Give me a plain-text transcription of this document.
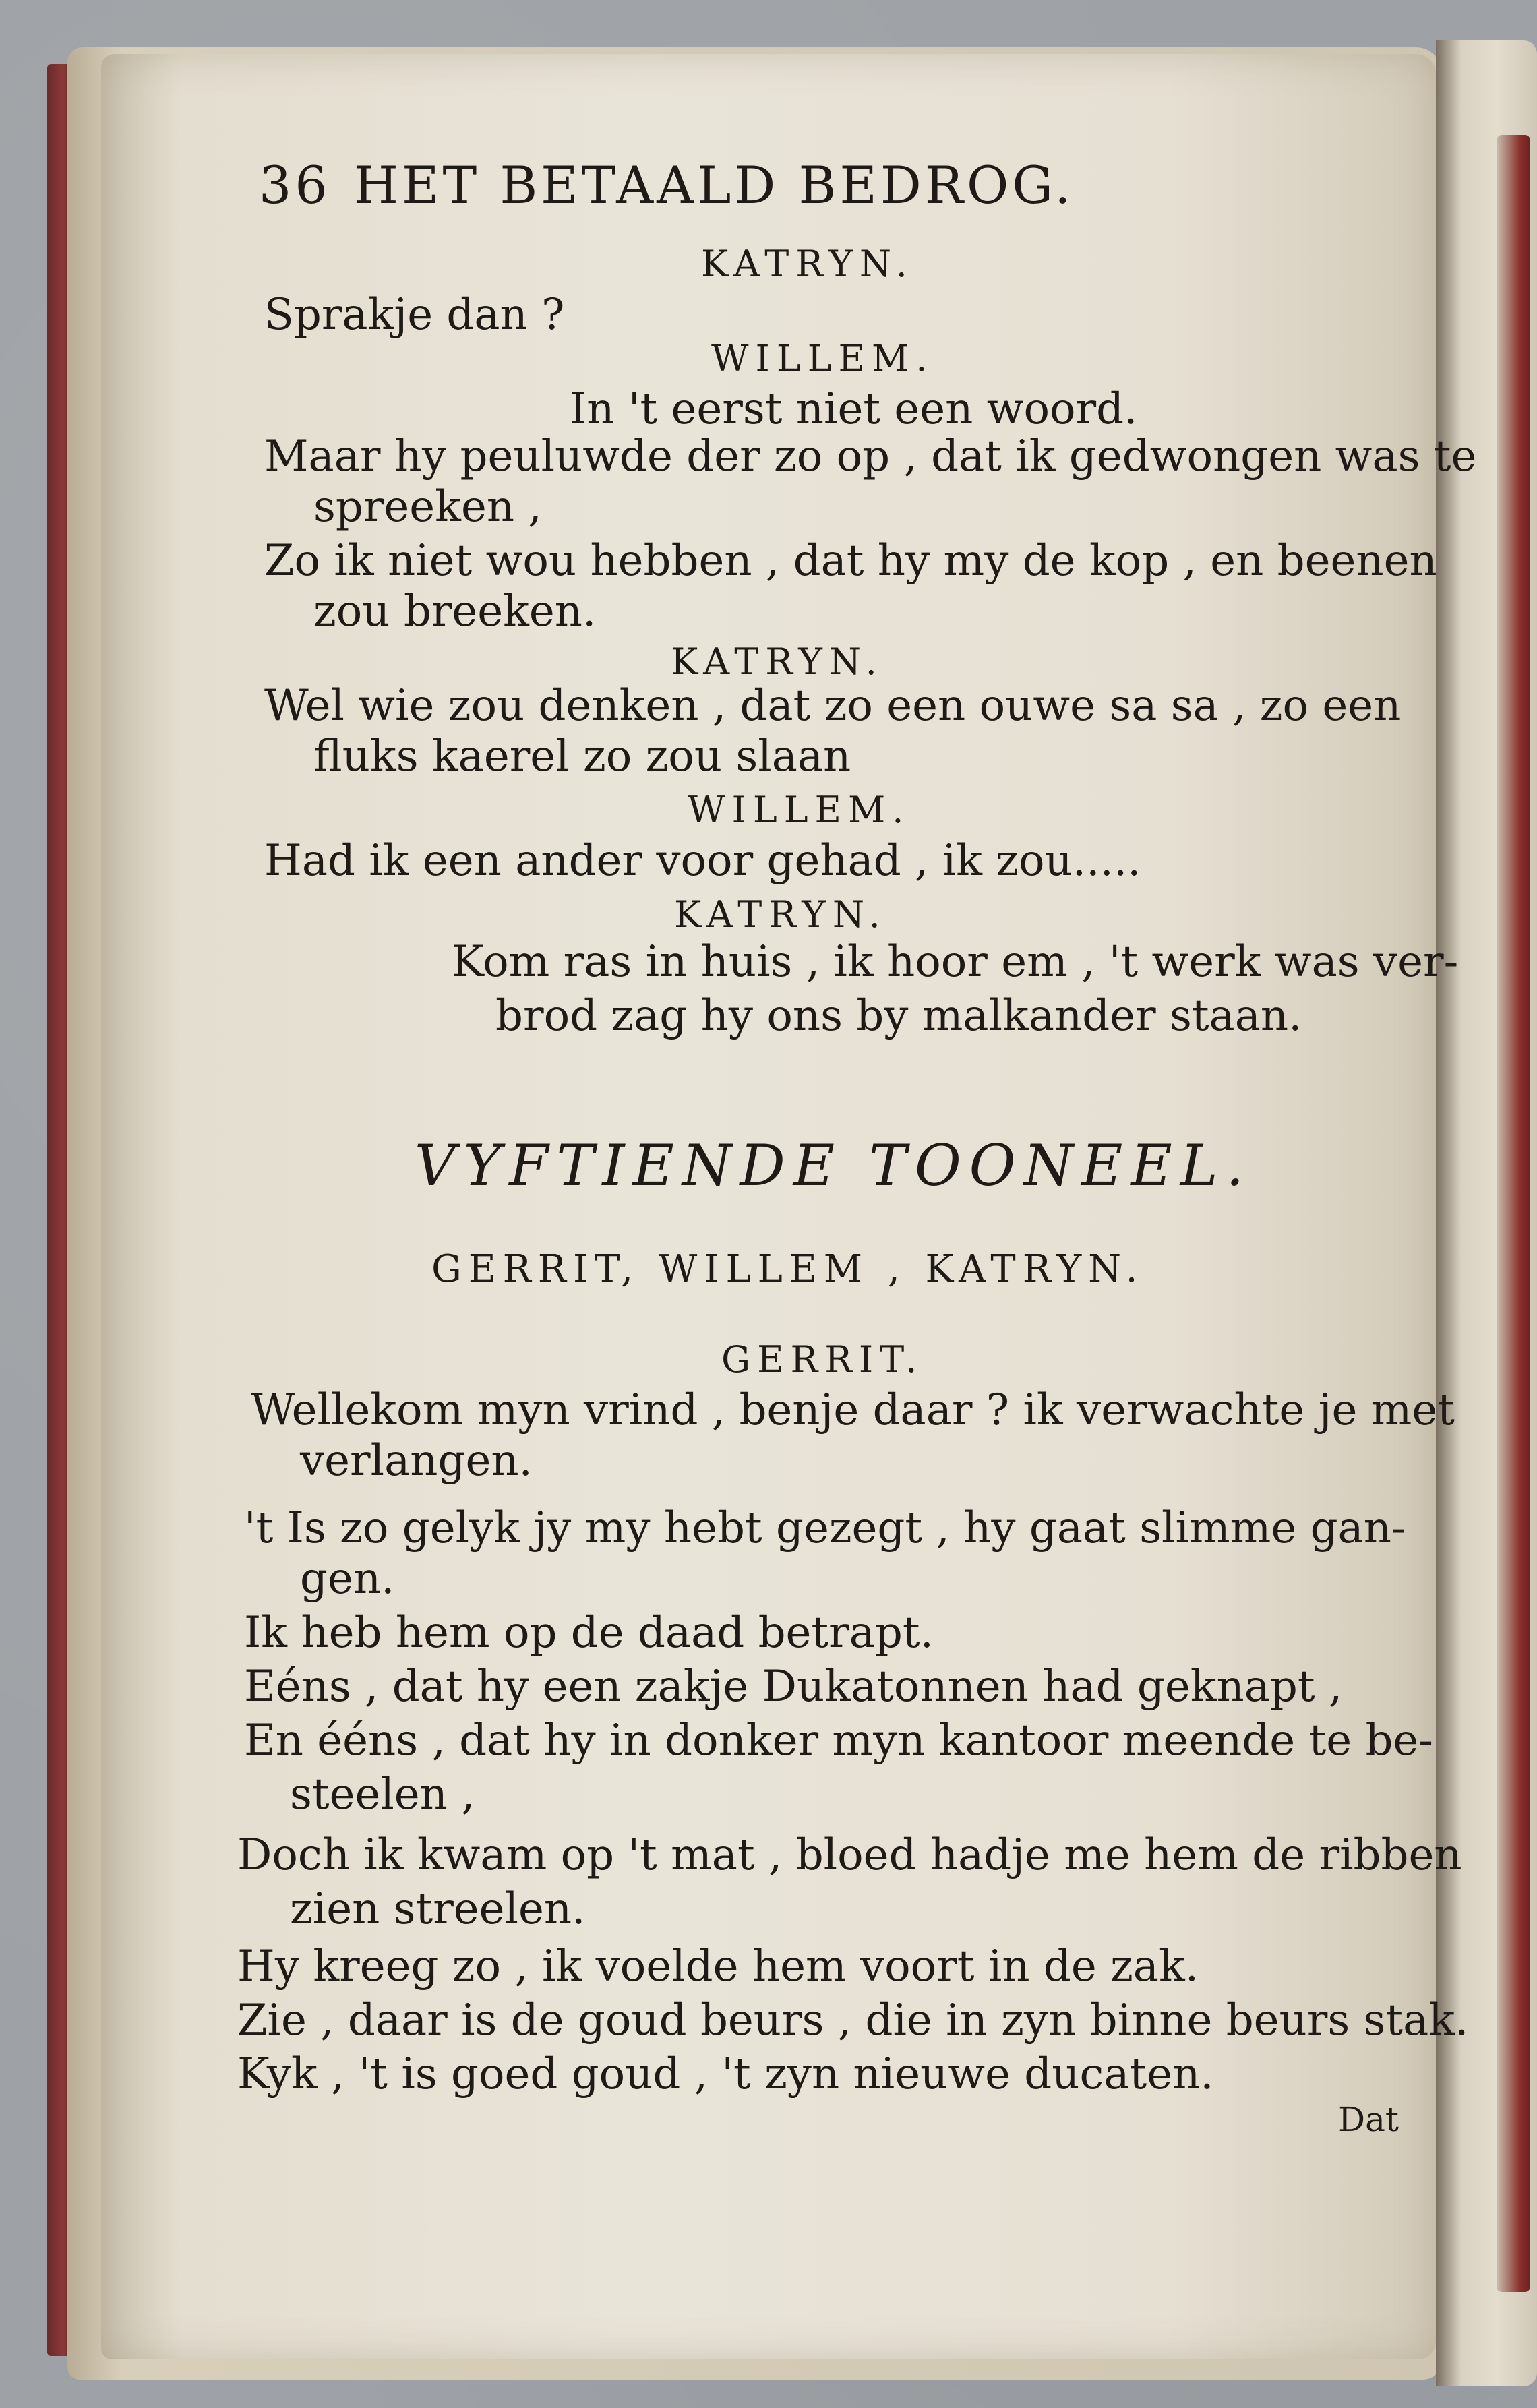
36 HET BETAALD BEDROG.
KATRYN.
Sprakje dan ?
WILLEM.
In 't eerst niet een woord.
Maar hy peuluwde der zo op , dat ik gedwongen was te
spreeken ,
Zo ik niet wou hebben , dat hy my de kop , en beenen
zou breeken.
KATRYN.
Wel wie zou denken , dat zo een ouwe sa sa , zo een
fluks kaerel zo zou slaan
WILLEM.
Had ik een ander voor gehad , ik zou.....
KATRYN.
Kom ras in huis , ik hoor em , 't werk was ver-
brod zag hy ons by malkander staan.
VYFTIENDE TOONEEL.
GERRIT, WILLEM , KATRYN.
GERRIT.
Wellekom myn vrind , benje daar ? ik verwachte je met
verlangen.
't Is zo gelyk jy my hebt gezegt , hy gaat slimme gan-
gen.
Ik heb hem op de daad betrapt.
Eéns , dat hy een zakje Dukatonnen had geknapt ,
En ééns , dat hy in donker myn kantoor meende te be-
steelen ,
Doch ik kwam op 't mat , bloed hadje me hem de ribben
zien streelen.
Hy kreeg zo , ik voelde hem voort in de zak.
Zie , daar is de goud beurs , die in zyn binne beurs stak.
Kyk , 't is goed goud , 't zyn nieuwe ducaten.
Dat
